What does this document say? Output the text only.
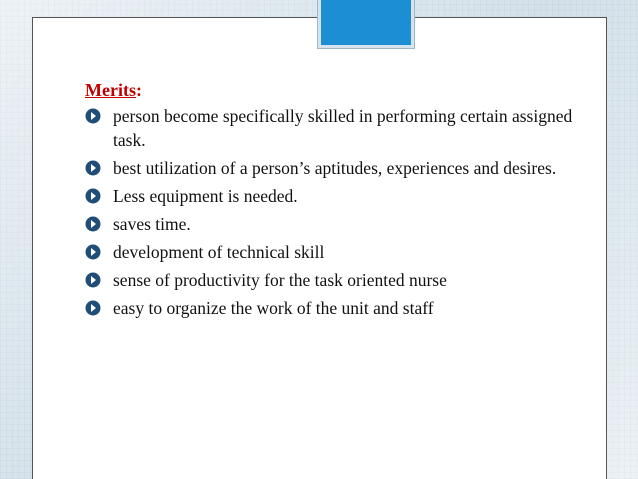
Merits:
person become specifically skilled in performing certain assigned task.
best utilization of a person’s aptitudes, experiences and desires.
Less equipment is needed.
saves time.
development of technical skill
sense of productivity for the task oriented nurse
easy to organize the work of the unit and staff
